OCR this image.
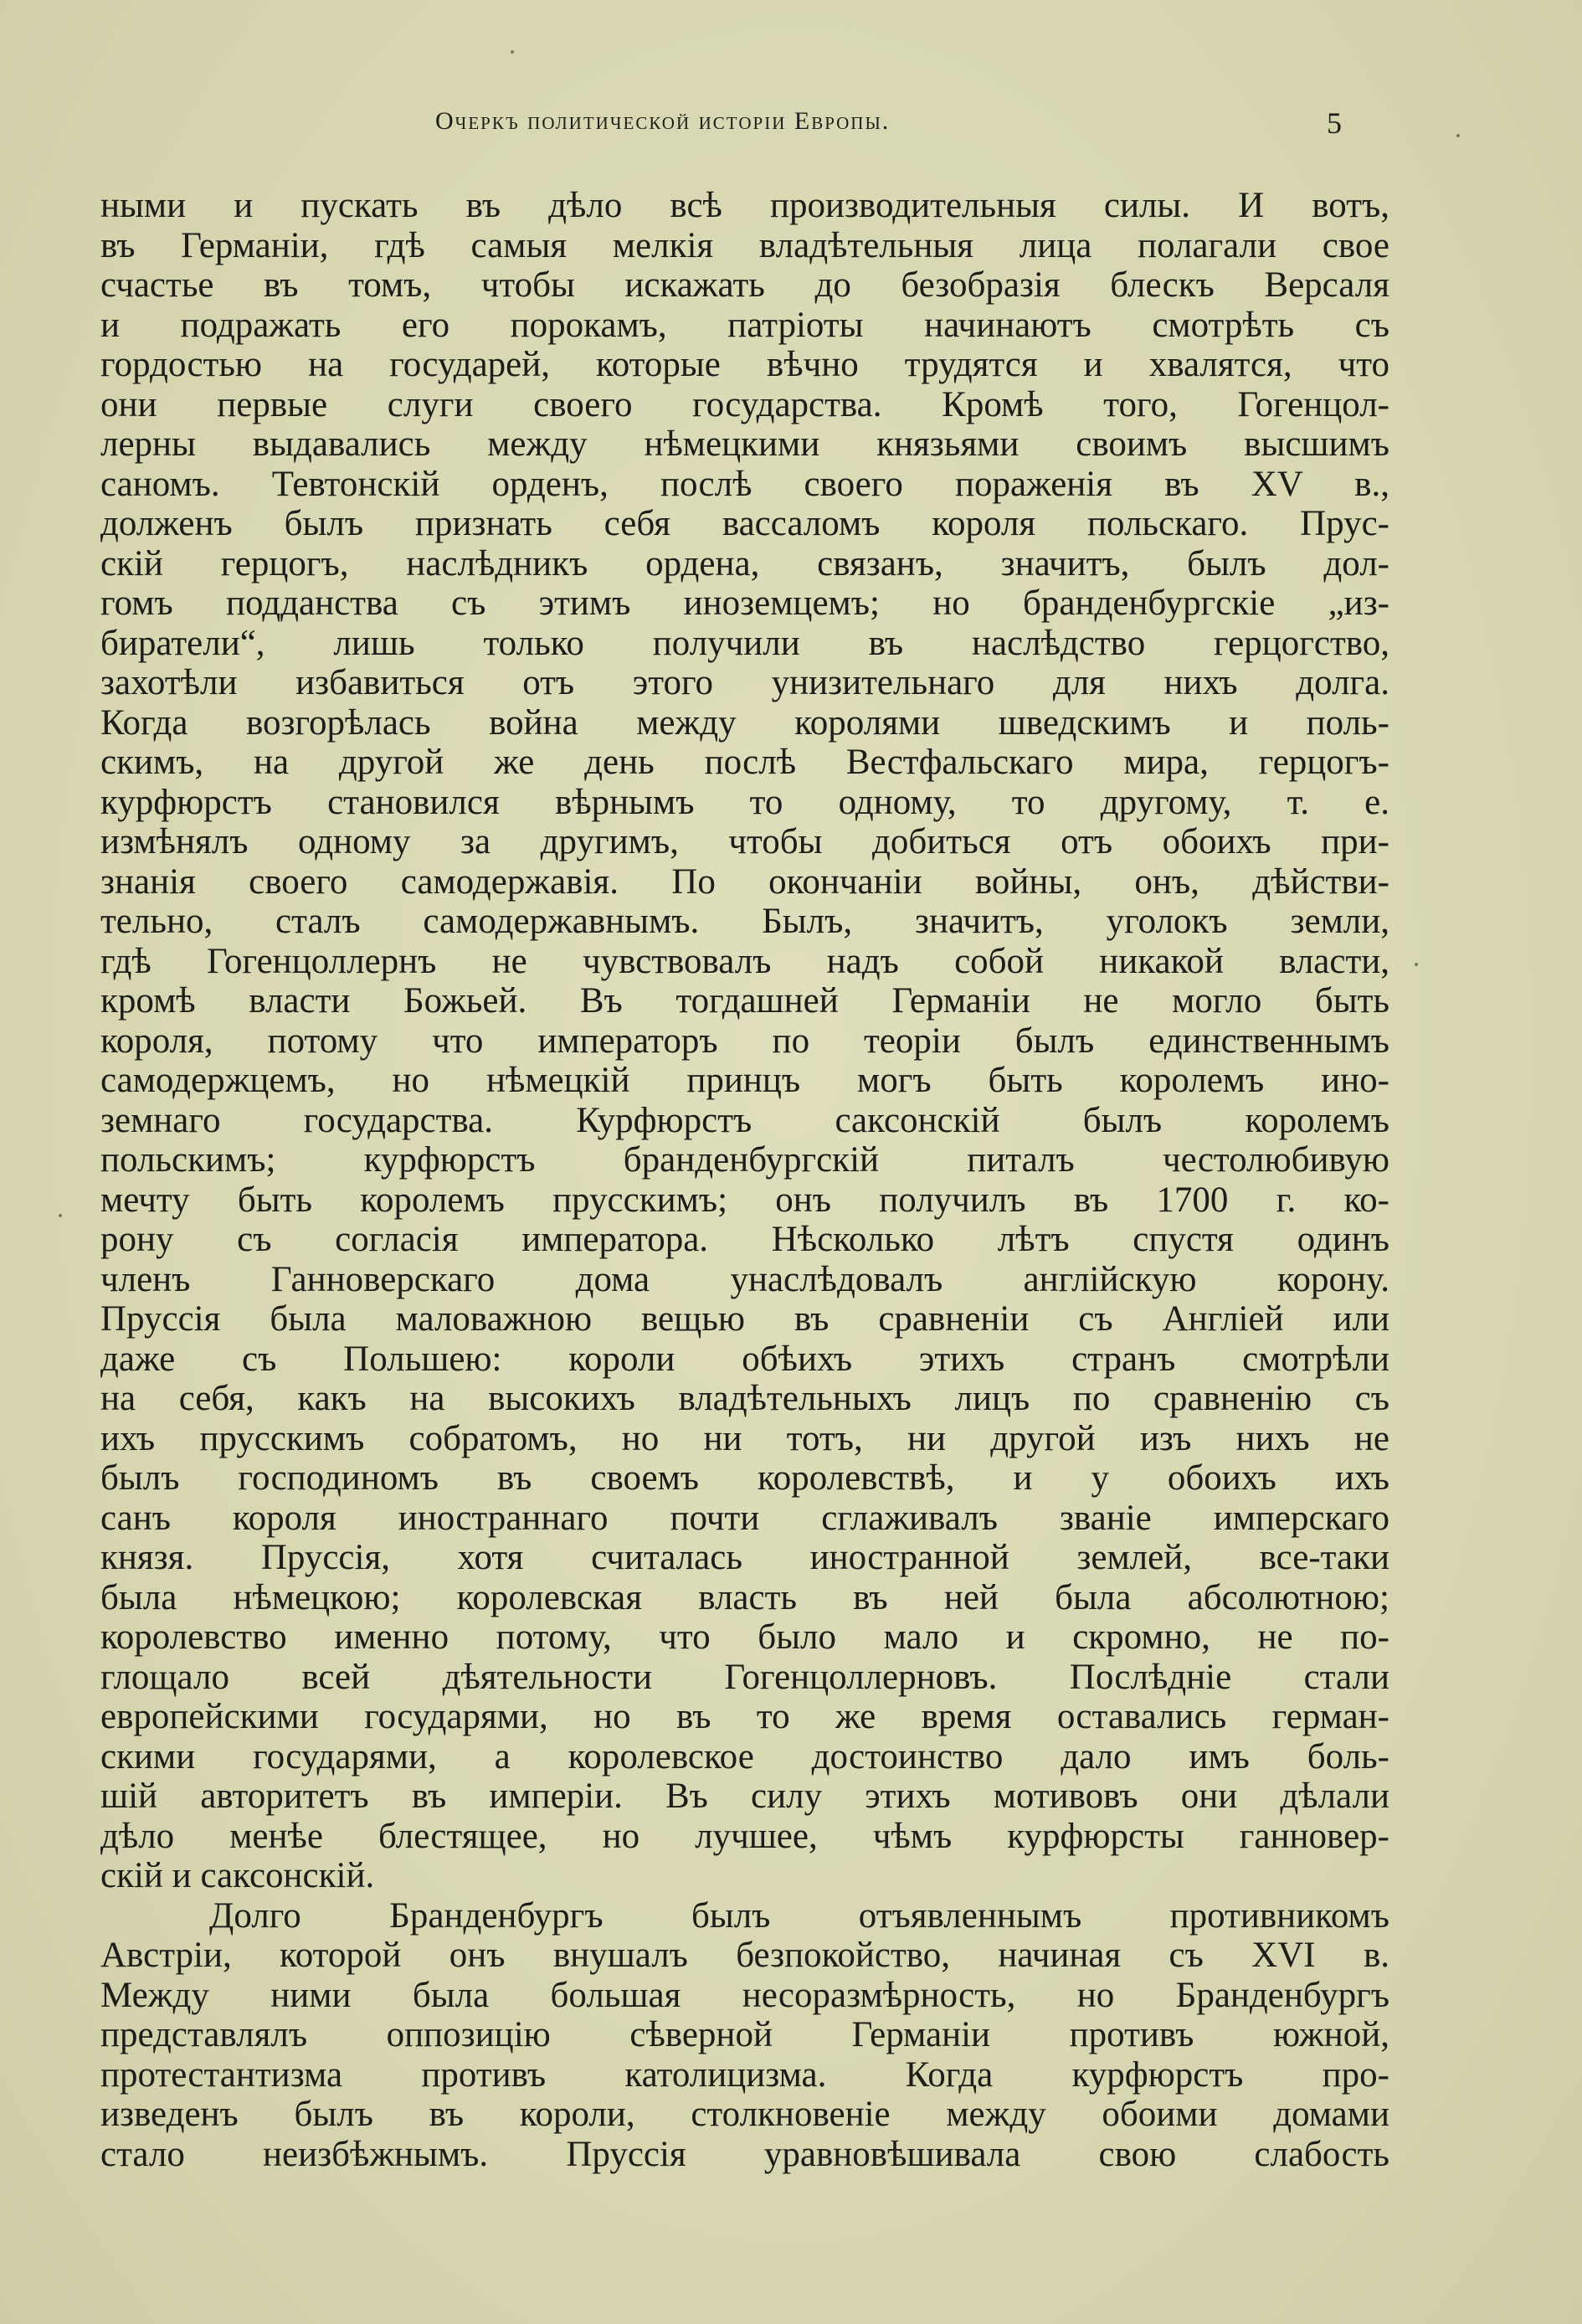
Очеркъ политической исторіи Европы.	5
ными и пускать въ дѣло всѣ производительныя силы. И вотъ,
въ Германіи, гдѣ самыя мелкія владѣтельныя лица полагали свое
счастье въ томъ, чтобы искажать до безобразія блескъ Версаля
и подражать его порокамъ, патріоты начинаютъ смотрѣть съ
гордостью на государей, которые вѣчно трудятся и хвалятся, что
они первые слуги своего государства. Кромѣ того, Гогенцол-
лерны выдавались между нѣмецкими князьями своимъ высшимъ
саномъ. Тевтонскій орденъ, послѣ своего пораженія въ XV в.,
долженъ былъ признать себя вассаломъ короля польскаго. Прус-
скій герцогъ, наслѣдникъ ордена, связанъ, значитъ, былъ дол-
гомъ подданства съ этимъ иноземцемъ; но бранденбургскіе „из-
биратели“, лишь только получили въ наслѣдство герцогство,
захотѣли избавиться отъ этого унизительнаго для нихъ долга.
Когда возгорѣлась война между королями шведскимъ и поль-
скимъ, на другой же день послѣ Вестфальскаго мира, герцогъ-
курфюрстъ становился вѣрнымъ то одному, то другому, т. е.
измѣнялъ одному за другимъ, чтобы добиться отъ обоихъ при-
знанія своего самодержавія. По окончаніи войны, онъ, дѣйстви-
тельно, сталъ самодержавнымъ. Былъ, значитъ, уголокъ земли,
гдѣ Гогенцоллернъ не чувствовалъ надъ собой никакой власти,
кромѣ власти Божьей. Въ тогдашней Германіи не могло быть
короля, потому что императоръ по теоріи былъ единственнымъ
самодержцемъ, но нѣмецкій принцъ могъ быть королемъ ино-
земнаго государства. Курфюрстъ саксонскій былъ королемъ
польскимъ; курфюрстъ бранденбургскій питалъ честолюбивую
мечту быть королемъ прусскимъ; онъ получилъ въ 1700 г. ко-
рону съ согласія императора. Нѣсколько лѣтъ спустя одинъ
членъ Ганноверскаго дома унаслѣдовалъ англійскую корону.
Пруссія была маловажною вещью въ сравненіи съ Англіей или
даже съ Польшею: короли обѣихъ этихъ странъ смотрѣли
на себя, какъ на высокихъ владѣтельныхъ лицъ по сравненію съ
ихъ прусскимъ собратомъ, но ни тотъ, ни другой изъ нихъ не
былъ господиномъ въ своемъ королевствѣ, и у обоихъ ихъ
санъ короля иностраннаго почти сглаживалъ званіе имперскаго
князя. Пруссія, хотя считалась иностранной землей, все-таки
была нѣмецкою; королевская власть въ ней была абсолютною;
королевство именно потому, что было мало и скромно, не по-
глощало всей дѣятельности Гогенцоллерновъ. Послѣдніе стали
европейскими государями, но въ то же время оставались герман-
скими государями, а королевское достоинство дало имъ боль-
шій авторитетъ въ имперіи. Въ силу этихъ мотивовъ они дѣлали
дѣло менѣе блестящее, но лучшее, чѣмъ курфюрсты ганновер-
скій и саксонскій.
Долго Бранденбургъ былъ отъявленнымъ противникомъ
Австріи, которой онъ внушалъ безпокойство, начиная съ XVI в.
Между ними была большая несоразмѣрность, но Бранденбургъ
представлялъ оппозицію сѣверной Германіи противъ южной,
протестантизма противъ католицизма. Когда курфюрстъ про-
изведенъ былъ въ короли, столкновеніе между обоими домами
стало неизбѣжнымъ. Пруссія уравновѣшивала свою слабость
